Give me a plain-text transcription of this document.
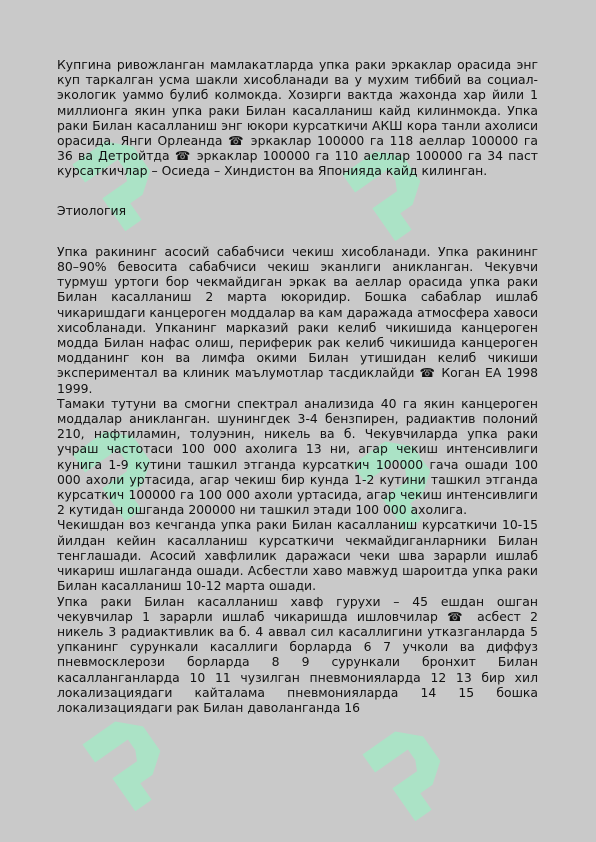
Купгина ривожланган мамлакатларда упка раки эркаклар орасида энг куп таркалган усма шакли хисобланади ва у мухим тиббий ва социал-экологик уаммо булиб колмокда. Хозирги вактда жахонда хар йили 1 миллионга якин упка раки Билан касалланиш кайд килинмокда. Упка раки Билан касалланиш энг юкори курсаткичи АКШ кора танли ахолиси орасида. Янги Орлеанда ☎ эркаклар 100000 га 118 аеллар 100000 га 36 ва Детройтда ☎ эркаклар 100000 га 110 аеллар 100000 га 34 паст курсаткичлар – Осиеда – Хиндистон ва Японияда кайд килинган.

Этиология

Упка ракининг асосий сабабчиси чекиш хисобланади. Упка ракининг 80–90% бевосита сабабчиси чекиш эканлиги аникланган. Чекувчи турмуш уртоги бор чекмайдиган эркак ва аеллар орасида упка раки Билан касалланиш 2 марта юкоридир. Бошка сабаблар ишлаб чикаришдаги канцероген моддалар ва кам даражада атмосфера хавоси хисобланади. Упканинг марказий раки келиб чикишида канцероген модда Билан нафас олиш, периферик рак келиб чикишида канцероген модданинг кон ва лимфа окими Билан утишидан келиб чикиши экспериментал ва клиник маълумотлар тасдиклайди ☎ Коган ЕА 1998 1999.

Тамаки тутуни ва смогни спектрал анализида 40 га якин канцероген моддалар аникланган. шунингдек 3-4 бензпирен, радиактив полоний 210, нафтиламин, толуэнин, никель ва б. Чекувчиларда упка раки учраш частотаси 100 000 ахолига 13 ни, агар чекиш интенсивлиги кунига 1-9 кутини ташкил этганда курсаткич 100000 гача ошади 100 000 ахоли уртасида, агар чекиш бир кунда 1-2 кутини ташкил этганда курсаткич 100000 га 100 000 ахоли уртасида, агар чекиш интенсивлиги 2 кутидан ошганда 200000 ни ташкил этади 100 000 ахолига.

Чекишдан воз кечганда упка раки Билан касалланиш курсаткичи 10-15 йилдан кейин касалланиш курсаткичи чекмайдиганларники Билан тенглашади. Асосий хавфлилик даражаси чеки шва зарарли ишлаб чикариш ишлаганда ошади. Асбестли хаво мавжуд шароитда упка раки Билан касалланиш 10-12 марта ошади.

Упка раки Билан касалланиш хавф гурухи – 45 ешдан ошган чекувчилар 1 зарарли ишлаб чикаришда ишловчилар ☎ асбест 2 никель 3 радиактивлик ва б. 4 аввал сил касаллигини утказганларда 5 упканинг сурункали касаллиги борларда 6 7 учколи ва диффуз пневмосклерози борларда 8 9 сурункали бронхит Билан касалланганларда 10 11 чузилган пневмонияларда 12 13 бир хил локализациядаги кайталама пневмонияларда 14 15 бошка локализациядаги рак Билан даволанганда 16
